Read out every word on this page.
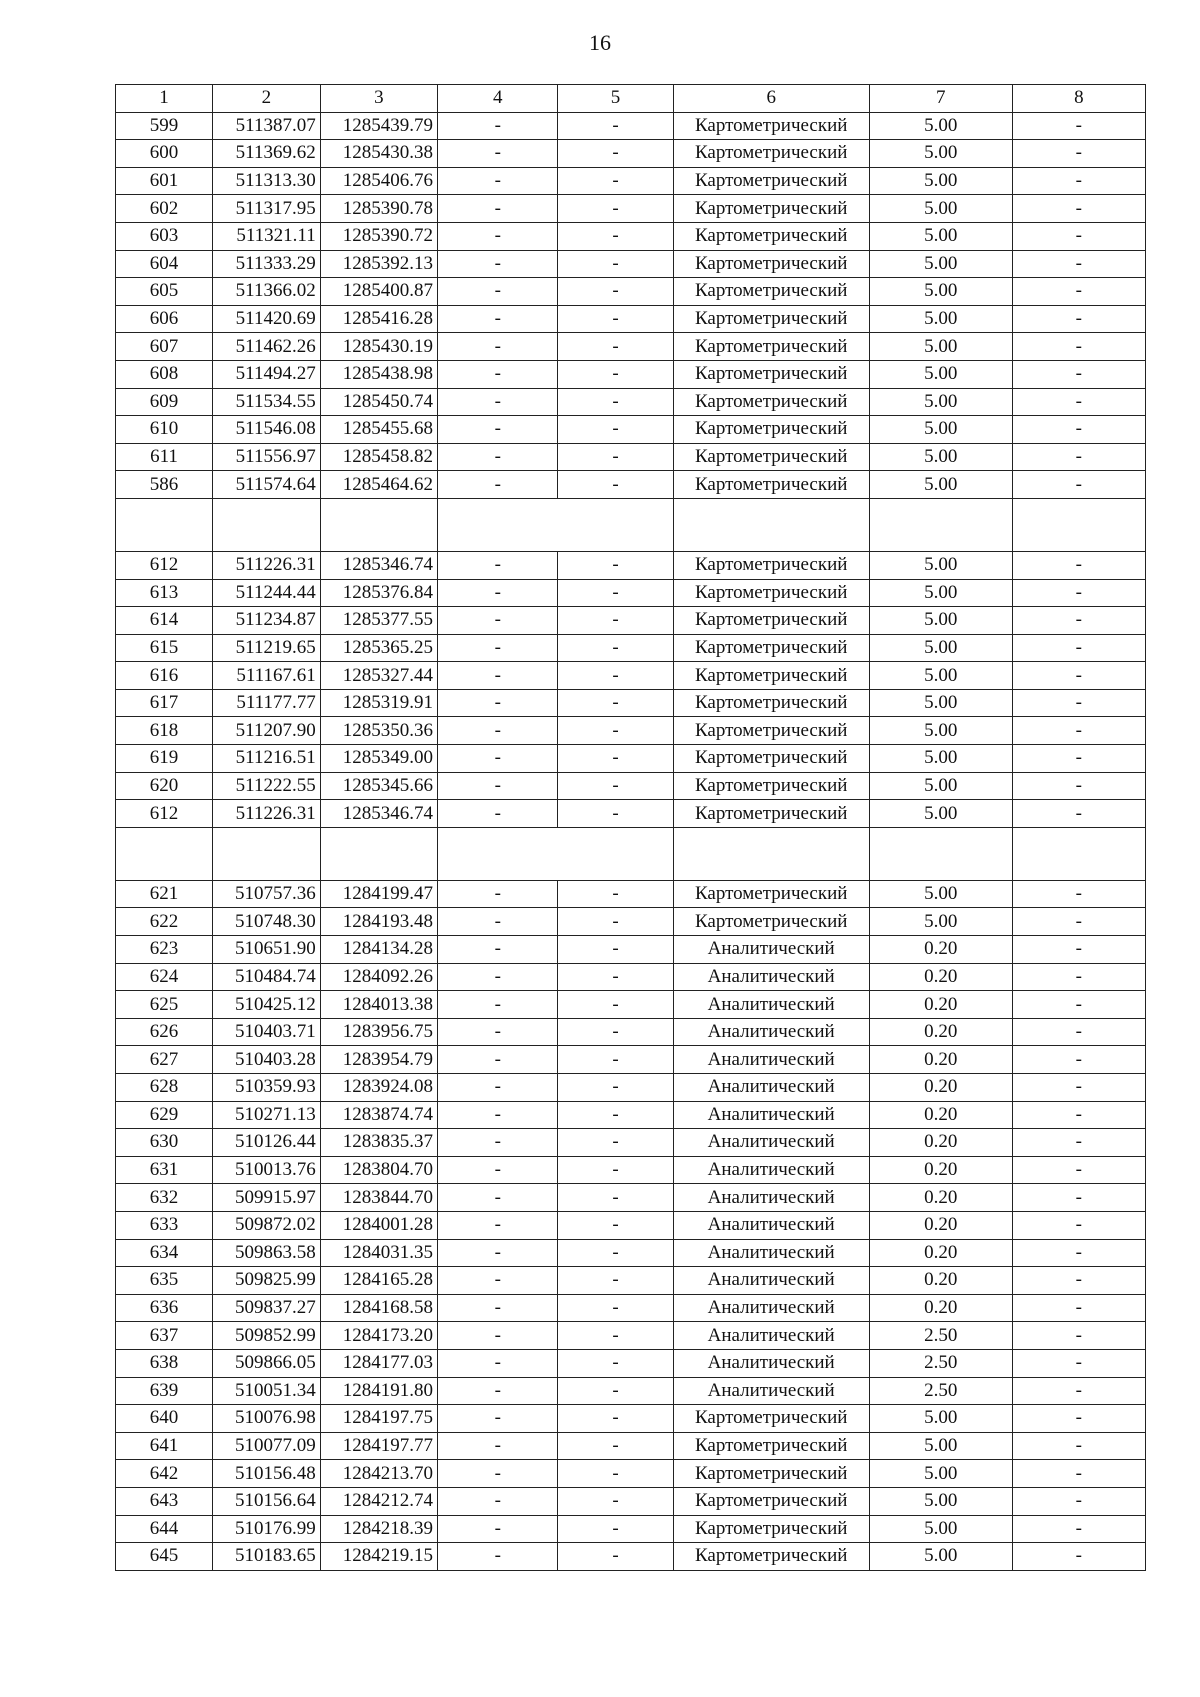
16
1	2	3	4	5	6	7	8
599	511387.07	1285439.79	-	-	Картометрический	5.00	-
600	511369.62	1285430.38	-	-	Картометрический	5.00	-
601	511313.30	1285406.76	-	-	Картометрический	5.00	-
602	511317.95	1285390.78	-	-	Картометрический	5.00	-
603	511321.11	1285390.72	-	-	Картометрический	5.00	-
604	511333.29	1285392.13	-	-	Картометрический	5.00	-
605	511366.02	1285400.87	-	-	Картометрический	5.00	-
606	511420.69	1285416.28	-	-	Картометрический	5.00	-
607	511462.26	1285430.19	-	-	Картометрический	5.00	-
608	511494.27	1285438.98	-	-	Картометрический	5.00	-
609	511534.55	1285450.74	-	-	Картометрический	5.00	-
610	511546.08	1285455.68	-	-	Картометрический	5.00	-
611	511556.97	1285458.82	-	-	Картометрический	5.00	-
586	511574.64	1285464.62	-	-	Картометрический	5.00	-

612	511226.31	1285346.74	-	-	Картометрический	5.00	-
613	511244.44	1285376.84	-	-	Картометрический	5.00	-
614	511234.87	1285377.55	-	-	Картометрический	5.00	-
615	511219.65	1285365.25	-	-	Картометрический	5.00	-
616	511167.61	1285327.44	-	-	Картометрический	5.00	-
617	511177.77	1285319.91	-	-	Картометрический	5.00	-
618	511207.90	1285350.36	-	-	Картометрический	5.00	-
619	511216.51	1285349.00	-	-	Картометрический	5.00	-
620	511222.55	1285345.66	-	-	Картометрический	5.00	-
612	511226.31	1285346.74	-	-	Картометрический	5.00	-

621	510757.36	1284199.47	-	-	Картометрический	5.00	-
622	510748.30	1284193.48	-	-	Картометрический	5.00	-
623	510651.90	1284134.28	-	-	Аналитический	0.20	-
624	510484.74	1284092.26	-	-	Аналитический	0.20	-
625	510425.12	1284013.38	-	-	Аналитический	0.20	-
626	510403.71	1283956.75	-	-	Аналитический	0.20	-
627	510403.28	1283954.79	-	-	Аналитический	0.20	-
628	510359.93	1283924.08	-	-	Аналитический	0.20	-
629	510271.13	1283874.74	-	-	Аналитический	0.20	-
630	510126.44	1283835.37	-	-	Аналитический	0.20	-
631	510013.76	1283804.70	-	-	Аналитический	0.20	-
632	509915.97	1283844.70	-	-	Аналитический	0.20	-
633	509872.02	1284001.28	-	-	Аналитический	0.20	-
634	509863.58	1284031.35	-	-	Аналитический	0.20	-
635	509825.99	1284165.28	-	-	Аналитический	0.20	-
636	509837.27	1284168.58	-	-	Аналитический	0.20	-
637	509852.99	1284173.20	-	-	Аналитический	2.50	-
638	509866.05	1284177.03	-	-	Аналитический	2.50	-
639	510051.34	1284191.80	-	-	Аналитический	2.50	-
640	510076.98	1284197.75	-	-	Картометрический	5.00	-
641	510077.09	1284197.77	-	-	Картометрический	5.00	-
642	510156.48	1284213.70	-	-	Картометрический	5.00	-
643	510156.64	1284212.74	-	-	Картометрический	5.00	-
644	510176.99	1284218.39	-	-	Картометрический	5.00	-
645	510183.65	1284219.15	-	-	Картометрический	5.00	-
